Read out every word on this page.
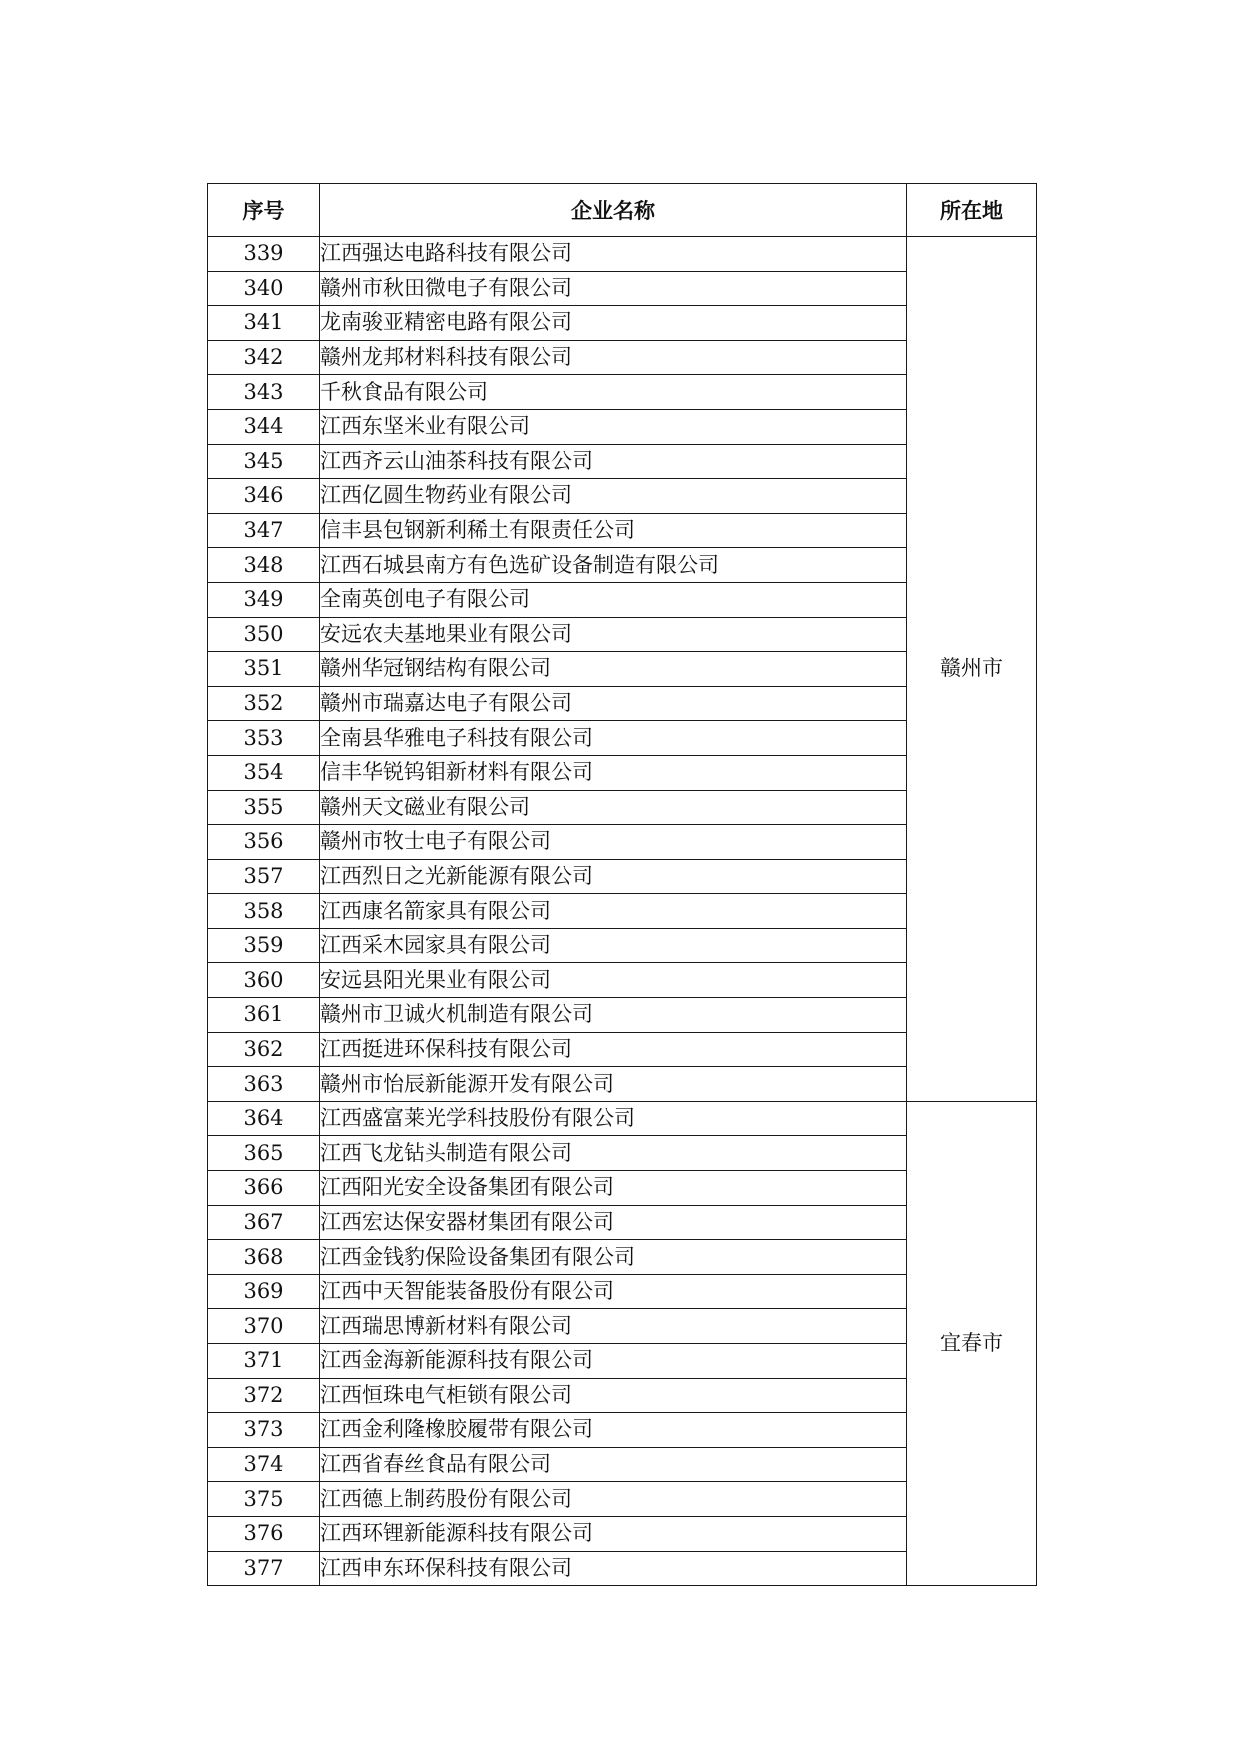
序号	企业名称	所在地
339	江西强达电路科技有限公司	赣州市
340	赣州市秋田微电子有限公司	
341	龙南骏亚精密电路有限公司	
342	赣州龙邦材料科技有限公司	
343	千秋食品有限公司	
344	江西东坚米业有限公司	
345	江西齐云山油茶科技有限公司	
346	江西亿圆生物药业有限公司	
347	信丰县包钢新利稀土有限责任公司	
348	江西石城县南方有色选矿设备制造有限公司	
349	全南英创电子有限公司	
350	安远农夫基地果业有限公司	
351	赣州华冠钢结构有限公司	
352	赣州市瑞嘉达电子有限公司	
353	全南县华雅电子科技有限公司	
354	信丰华锐钨钼新材料有限公司	
355	赣州天文磁业有限公司	
356	赣州市牧士电子有限公司	
357	江西烈日之光新能源有限公司	
358	江西康名箭家具有限公司	
359	江西采木园家具有限公司	
360	安远县阳光果业有限公司	
361	赣州市卫诚火机制造有限公司	
362	江西挺进环保科技有限公司	
363	赣州市怡辰新能源开发有限公司	
364	江西盛富莱光学科技股份有限公司	宜春市
365	江西飞龙钻头制造有限公司	
366	江西阳光安全设备集团有限公司	
367	江西宏达保安器材集团有限公司	
368	江西金钱豹保险设备集团有限公司	
369	江西中天智能装备股份有限公司	
370	江西瑞思博新材料有限公司	
371	江西金海新能源科技有限公司	
372	江西恒珠电气柜锁有限公司	
373	江西金利隆橡胶履带有限公司	
374	江西省春丝食品有限公司	
375	江西德上制药股份有限公司	
376	江西环锂新能源科技有限公司	
377	江西申东环保科技有限公司	
